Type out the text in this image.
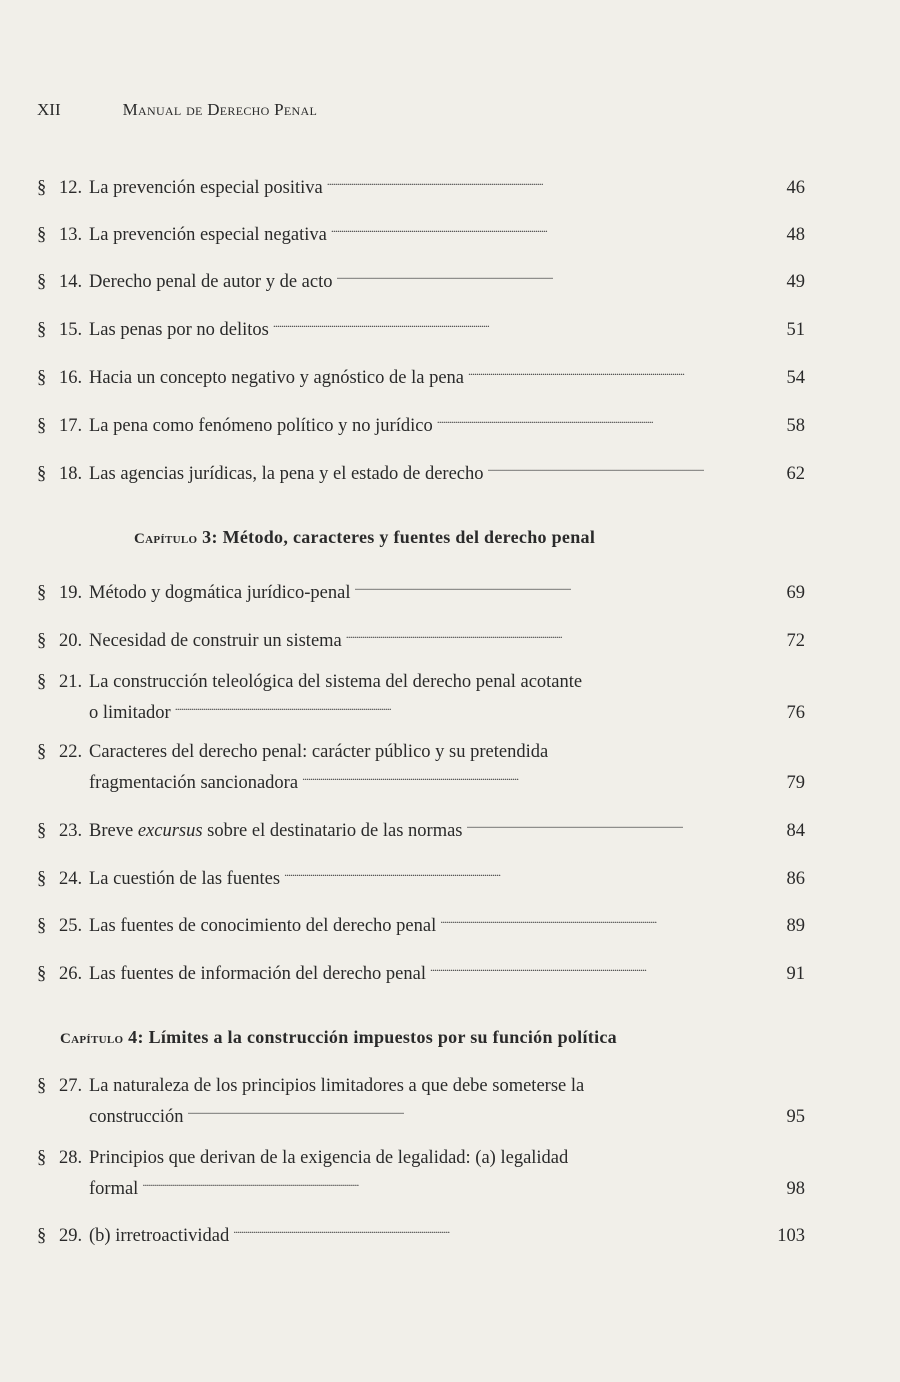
XII	Manual de Derecho Penal
§ 12. La prevención especial positiva . . .	46
§ 13. La prevención especial negativa . . .	48
§ 14. Derecho penal de autor y de acto . . .	49
§ 15. Las penas por no delitos . . .	51
§ 16. Hacia un concepto negativo y agnóstico de la pena . . .	54
§ 17. La pena como fenómeno político y no jurídico . . .	58
§ 18. Las agencias jurídicas, la pena y el estado de derecho . . .	62
Capítulo 3: Método, caracteres y fuentes del derecho penal
§ 19. Método y dogmática jurídico-penal . . .	69
§ 20. Necesidad de construir un sistema . . .	72
§ 21. La construcción teleológica del sistema del derecho penal acotante
o limitador . . .	76
§ 22. Caracteres del derecho penal: carácter público y su pretendida
fragmentación sancionadora . . .	79
§ 23. Breve excursus sobre el destinatario de las normas . . .	84
§ 24. La cuestión de las fuentes . . .	86
§ 25. Las fuentes de conocimiento del derecho penal . . .	89
§ 26. Las fuentes de información del derecho penal . . .	91
Capítulo 4: Límites a la construcción impuestos por su función política
§ 27. La naturaleza de los principios limitadores a que debe someterse la
construcción . . .	95
§ 28. Principios que derivan de la exigencia de legalidad: (a) legalidad
formal . . .	98
§ 29. (b) irretroactividad . . .	103
